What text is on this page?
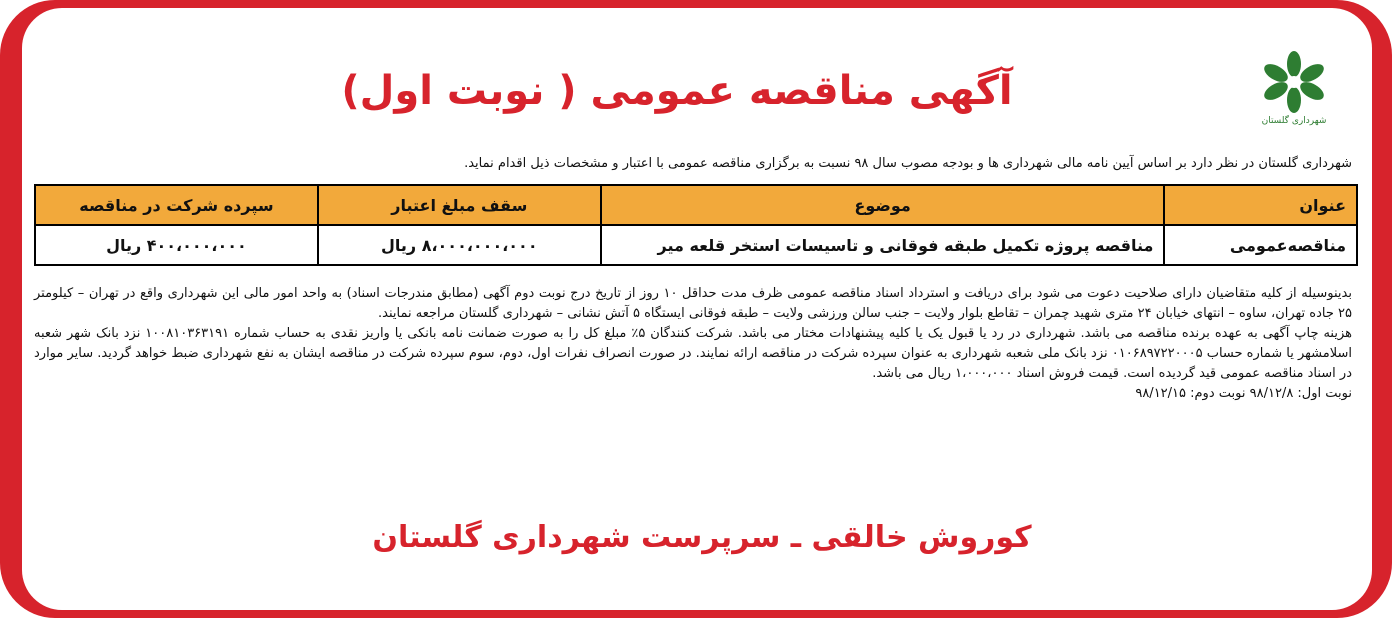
شهرداری گلستان
آگهی مناقصه عمومی ( نوبت اول)

شهرداری گلستان در نظر دارد بر اساس آیین نامه مالی شهرداری ها و بودجه مصوب سال ۹۸ نسبت به برگزاری مناقصه عمومی با اعتبار و مشخصات ذیل اقدام نماید.

عنوان	موضوع	سقف مبلغ اعتبار	سپرده شرکت در مناقصه
مناقصه‌عمومی	مناقصه پروژه تکمیل طبقه فوقانی و تاسیسات استخر قلعه میر	۸،۰۰۰،۰۰۰،۰۰۰ ریال	۴۰۰،۰۰۰،۰۰۰ ریال

بدینوسیله از کلیه متقاضیان دارای صلاحیت دعوت می شود برای دریافت و استرداد اسناد مناقصه عمومی ظرف مدت حداقل ۱۰ روز از تاریخ درج نوبت دوم آگهی (مطابق مندرجات اسناد) به واحد امور مالی این شهرداری واقع در تهران – کیلومتر ۲۵ جاده تهران، ساوه – انتهای خیابان ۲۴ متری شهید چمران – تقاطع بلوار ولایت – جنب سالن ورزشی ولایت – طبقه فوقانی ایستگاه ۵ آتش نشانی – شهرداری گلستان مراجعه نمایند.

هزینه چاپ آگهی به عهده برنده مناقصه می باشد. شهرداری در رد یا قبول یک یا کلیه پیشنهادات مختار می باشد. شرکت کنندگان ۵٪ مبلغ کل را به صورت ضمانت نامه بانکی یا واریز نقدی به حساب شماره ۱۰۰۸۱۰۳۶۳۱۹۱ نزد بانک شهر شعبه اسلامشهر یا شماره حساب ۰۱۰۶۸۹۷۲۲۰۰۰۵ نزد بانک ملی شعبه شهرداری به عنوان سپرده شرکت در مناقصه ارائه نمایند. در صورت انصراف نفرات اول، دوم، سوم سپرده شرکت در مناقصه ایشان به نفع شهرداری ضبط خواهد گردید. سایر موارد در اسناد مناقصه عمومی قید گردیده است. قیمت فروش اسناد ۱،۰۰۰،۰۰۰ ریال می باشد.

نوبت اول: ۹۸/۱۲/۸ نوبت دوم: ۹۸/۱۲/۱۵

کوروش خالقی ـ سرپرست شهرداری گلستان
